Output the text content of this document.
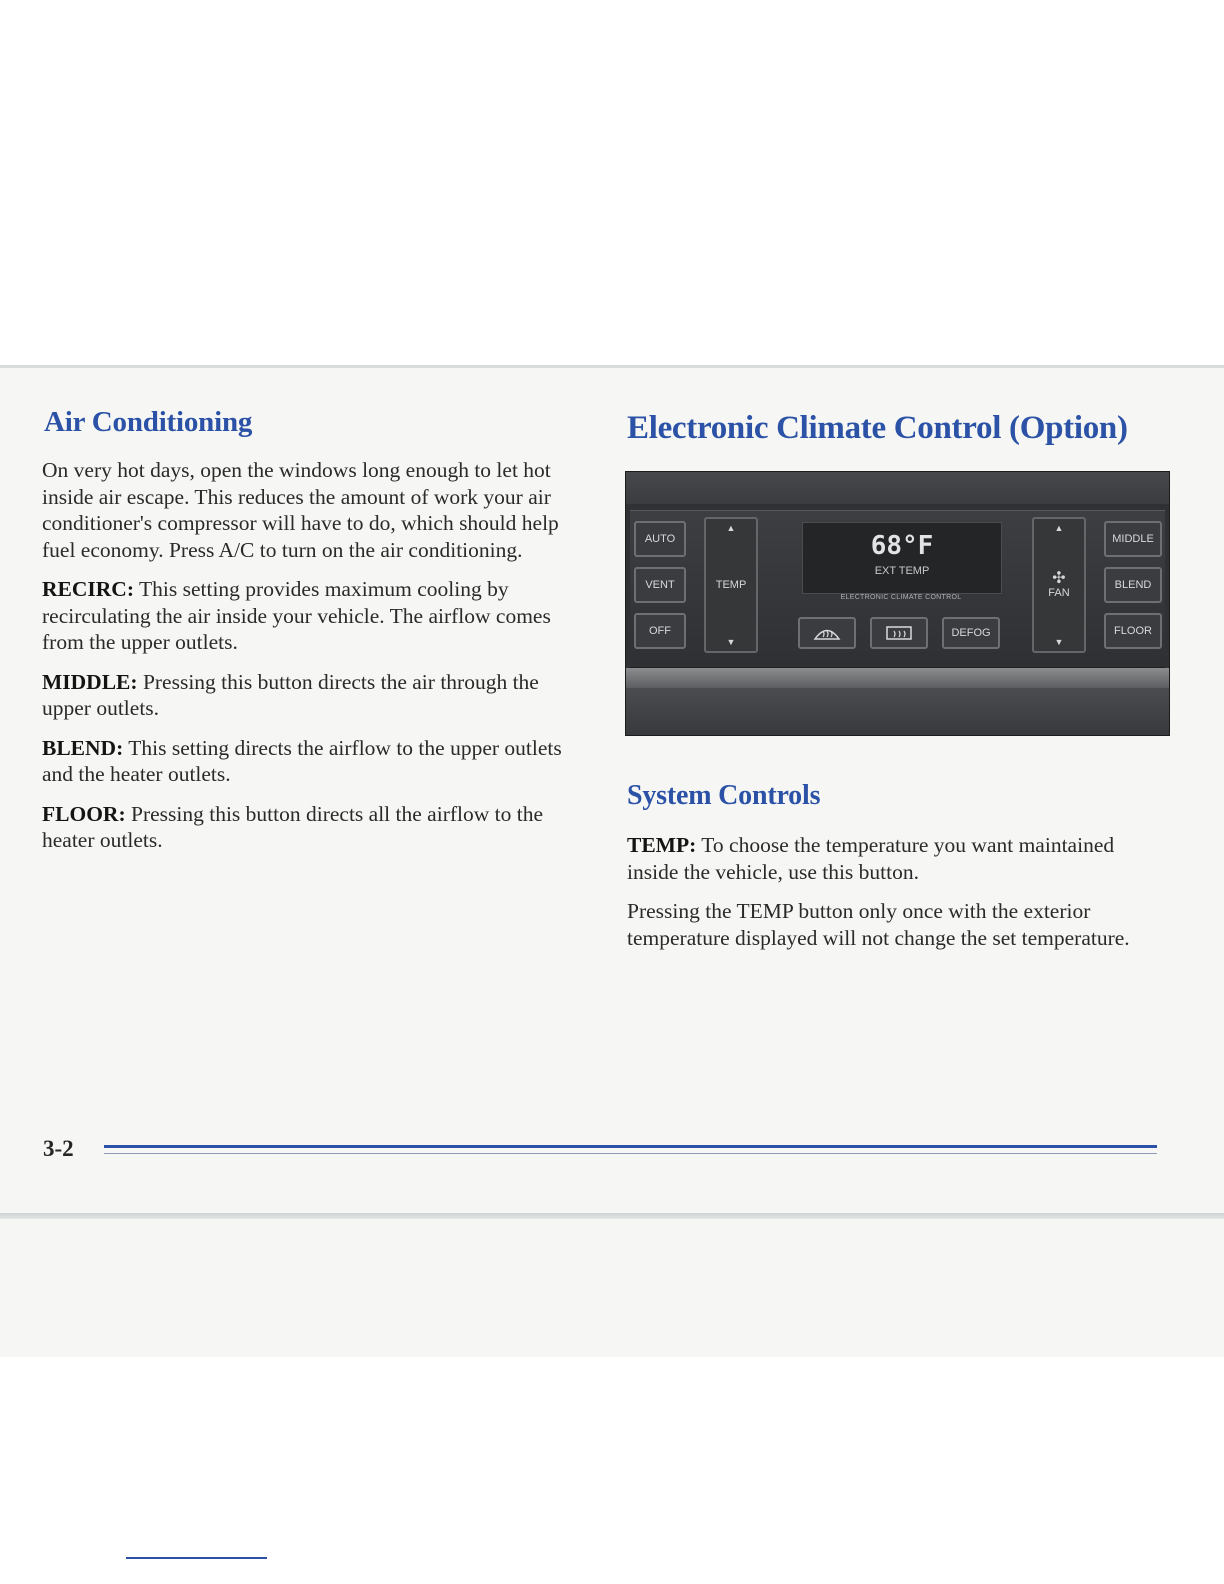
Air Conditioning

On very hot days, open the windows long enough to let hot inside air escape. This reduces the amount of work your air conditioner's compressor will have to do, which should help fuel economy. Press A/C to turn on the air conditioning.

RECIRC: This setting provides maximum cooling by recirculating the air inside your vehicle. The airflow comes from the upper outlets.

MIDDLE: Pressing this button directs the air through the upper outlets.

BLEND: This setting directs the airflow to the upper outlets and the heater outlets.

FLOOR: Pressing this button directs all the airflow to the heater outlets.

Electronic Climate Control (Option)
AUTO
VENT
OFF
▲
TEMP
▼
68°F
EXT TEMP
ELECTRONIC CLIMATE CONTROL
DEFOG
▲
✣
FAN
▼
MIDDLE
BLEND
FLOOR
System Controls

TEMP: To choose the temperature you want maintained inside the vehicle, use this button.

Pressing the TEMP button only once with the exterior temperature displayed will not change the set temperature.

3-2
